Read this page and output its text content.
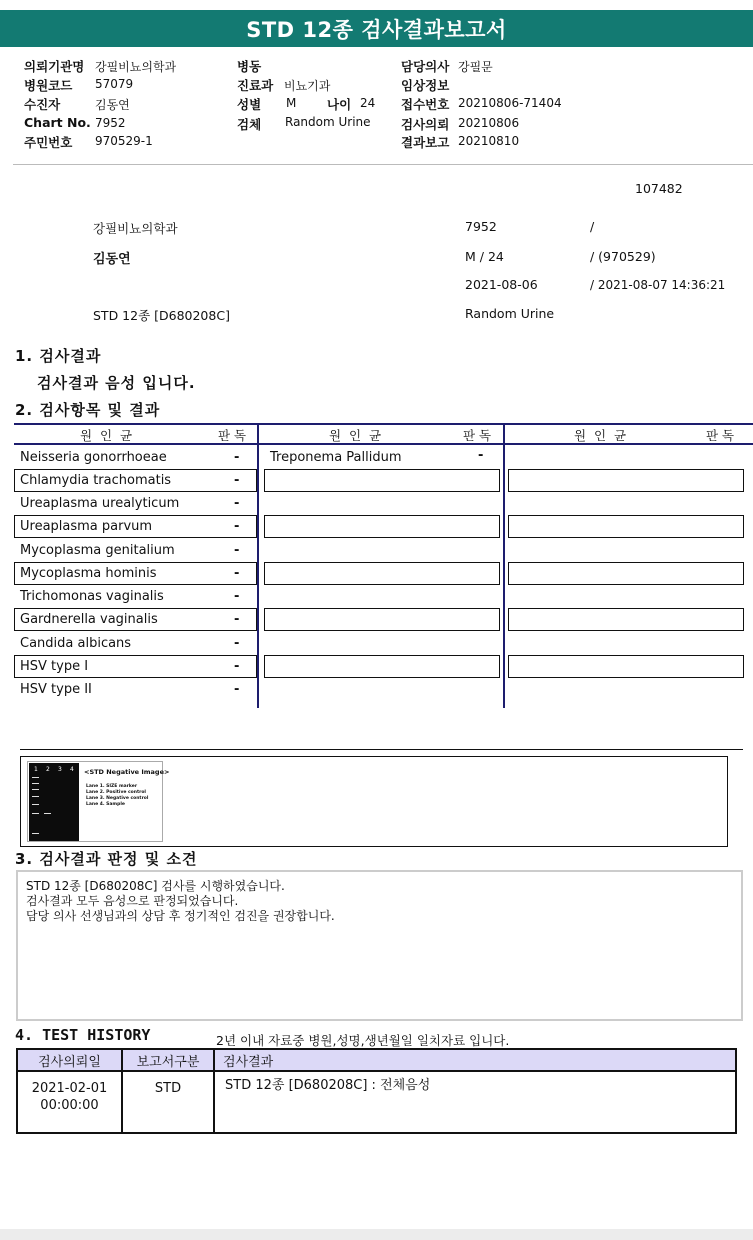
STD 12종 검사결과보고서
의뢰기관명 강필비뇨의학과
병원코드 57079
수진자	김동연
Chart No. 7952
주민번호 970529-1
병동
진료과 비뇨기과
성별 M 나이 24
검체 Random Urine
담당의사 강필문
임상정보
접수번호 20210806-71404
검사의뢰 20210806
결과보고 20210810
107482
강필비뇨의학과	7952	/
김동연	M / 24	/ (970529)
2021-08-06	/ 2021-08-07 14:36:21
STD 12종 [D680208C]	Random Urine
1. 검사결과
검사결과 음성 입니다.
2. 검사항목 및 결과
원  인  균	판 독	원  인  균	판 독	원  인  균	판 독
Neisseria gonorrhoeae	-
Chlamydia trachomatis	-
Ureaplasma urealyticum	-
Ureaplasma parvum	-
Mycoplasma genitalium	-
Mycoplasma hominis	-
Trichomonas vaginalis	-
Gardnerella vaginalis	-
Candida albicans	-
HSV type I	-
HSV type II	-
Treponema Pallidum	-
1 2 3 4 <STD Negative Image>
Lane 1. SIZE marker
Lane 2. Positive control
Lane 3. Negative control
Lane 4. Sample
3. 검사결과 판정 및 소견
STD 12종 [D680208C] 검사를 시행하였습니다.
검사결과 모두 음성으로 판정되었습니다.
담당 의사 선생님과의 상담 후 정기적인 검진을 권장합니다.
4. TEST HISTORY	2년 이내 자료중 병원,성명,생년월일 일치자료 입니다.
검사의뢰일	보고서구분	검사결과

2021-02-01
00:00:00	STD	STD 12종 [D680208C] : 전체음성
